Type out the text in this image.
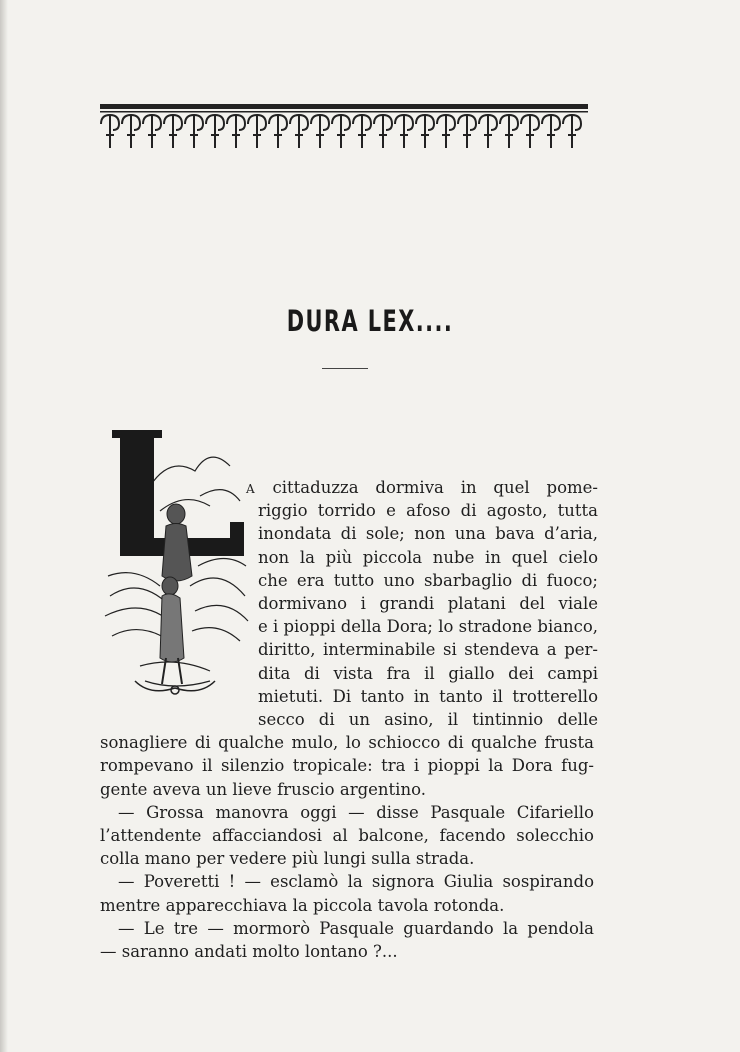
DURA LEX....
A cittaduzza dormiva in quel pome-
riggio torrido e afoso di agosto, tutta
inondata di sole; non una bava d’aria,
non la più piccola nube in quel cielo
che era tutto uno sbarbaglio di fuoco;
dormivano i grandi platani del viale
e i pioppi della Dora; lo stradone bianco,
diritto, interminabile si stendeva a per-
dita di vista fra il giallo dei campi
mietuti. Di tanto in tanto il trotterello
secco di un asino, il tintinnio delle
sonagliere di qualche mulo, lo schiocco di qualche frusta
rompevano il silenzio tropicale: tra i pioppi la Dora fug-
gente aveva un lieve fruscio argentino.
— Grossa manovra oggi — disse Pasquale Cifariello
l’attendente affacciandosi al balcone, facendo solecchio
colla mano per vedere più lungi sulla strada.
— Poveretti ! — esclamò la signora Giulia sospirando
mentre apparecchiava la piccola tavola rotonda.
— Le tre — mormorò Pasquale guardando la pendola
— saranno andati molto lontano ?...
